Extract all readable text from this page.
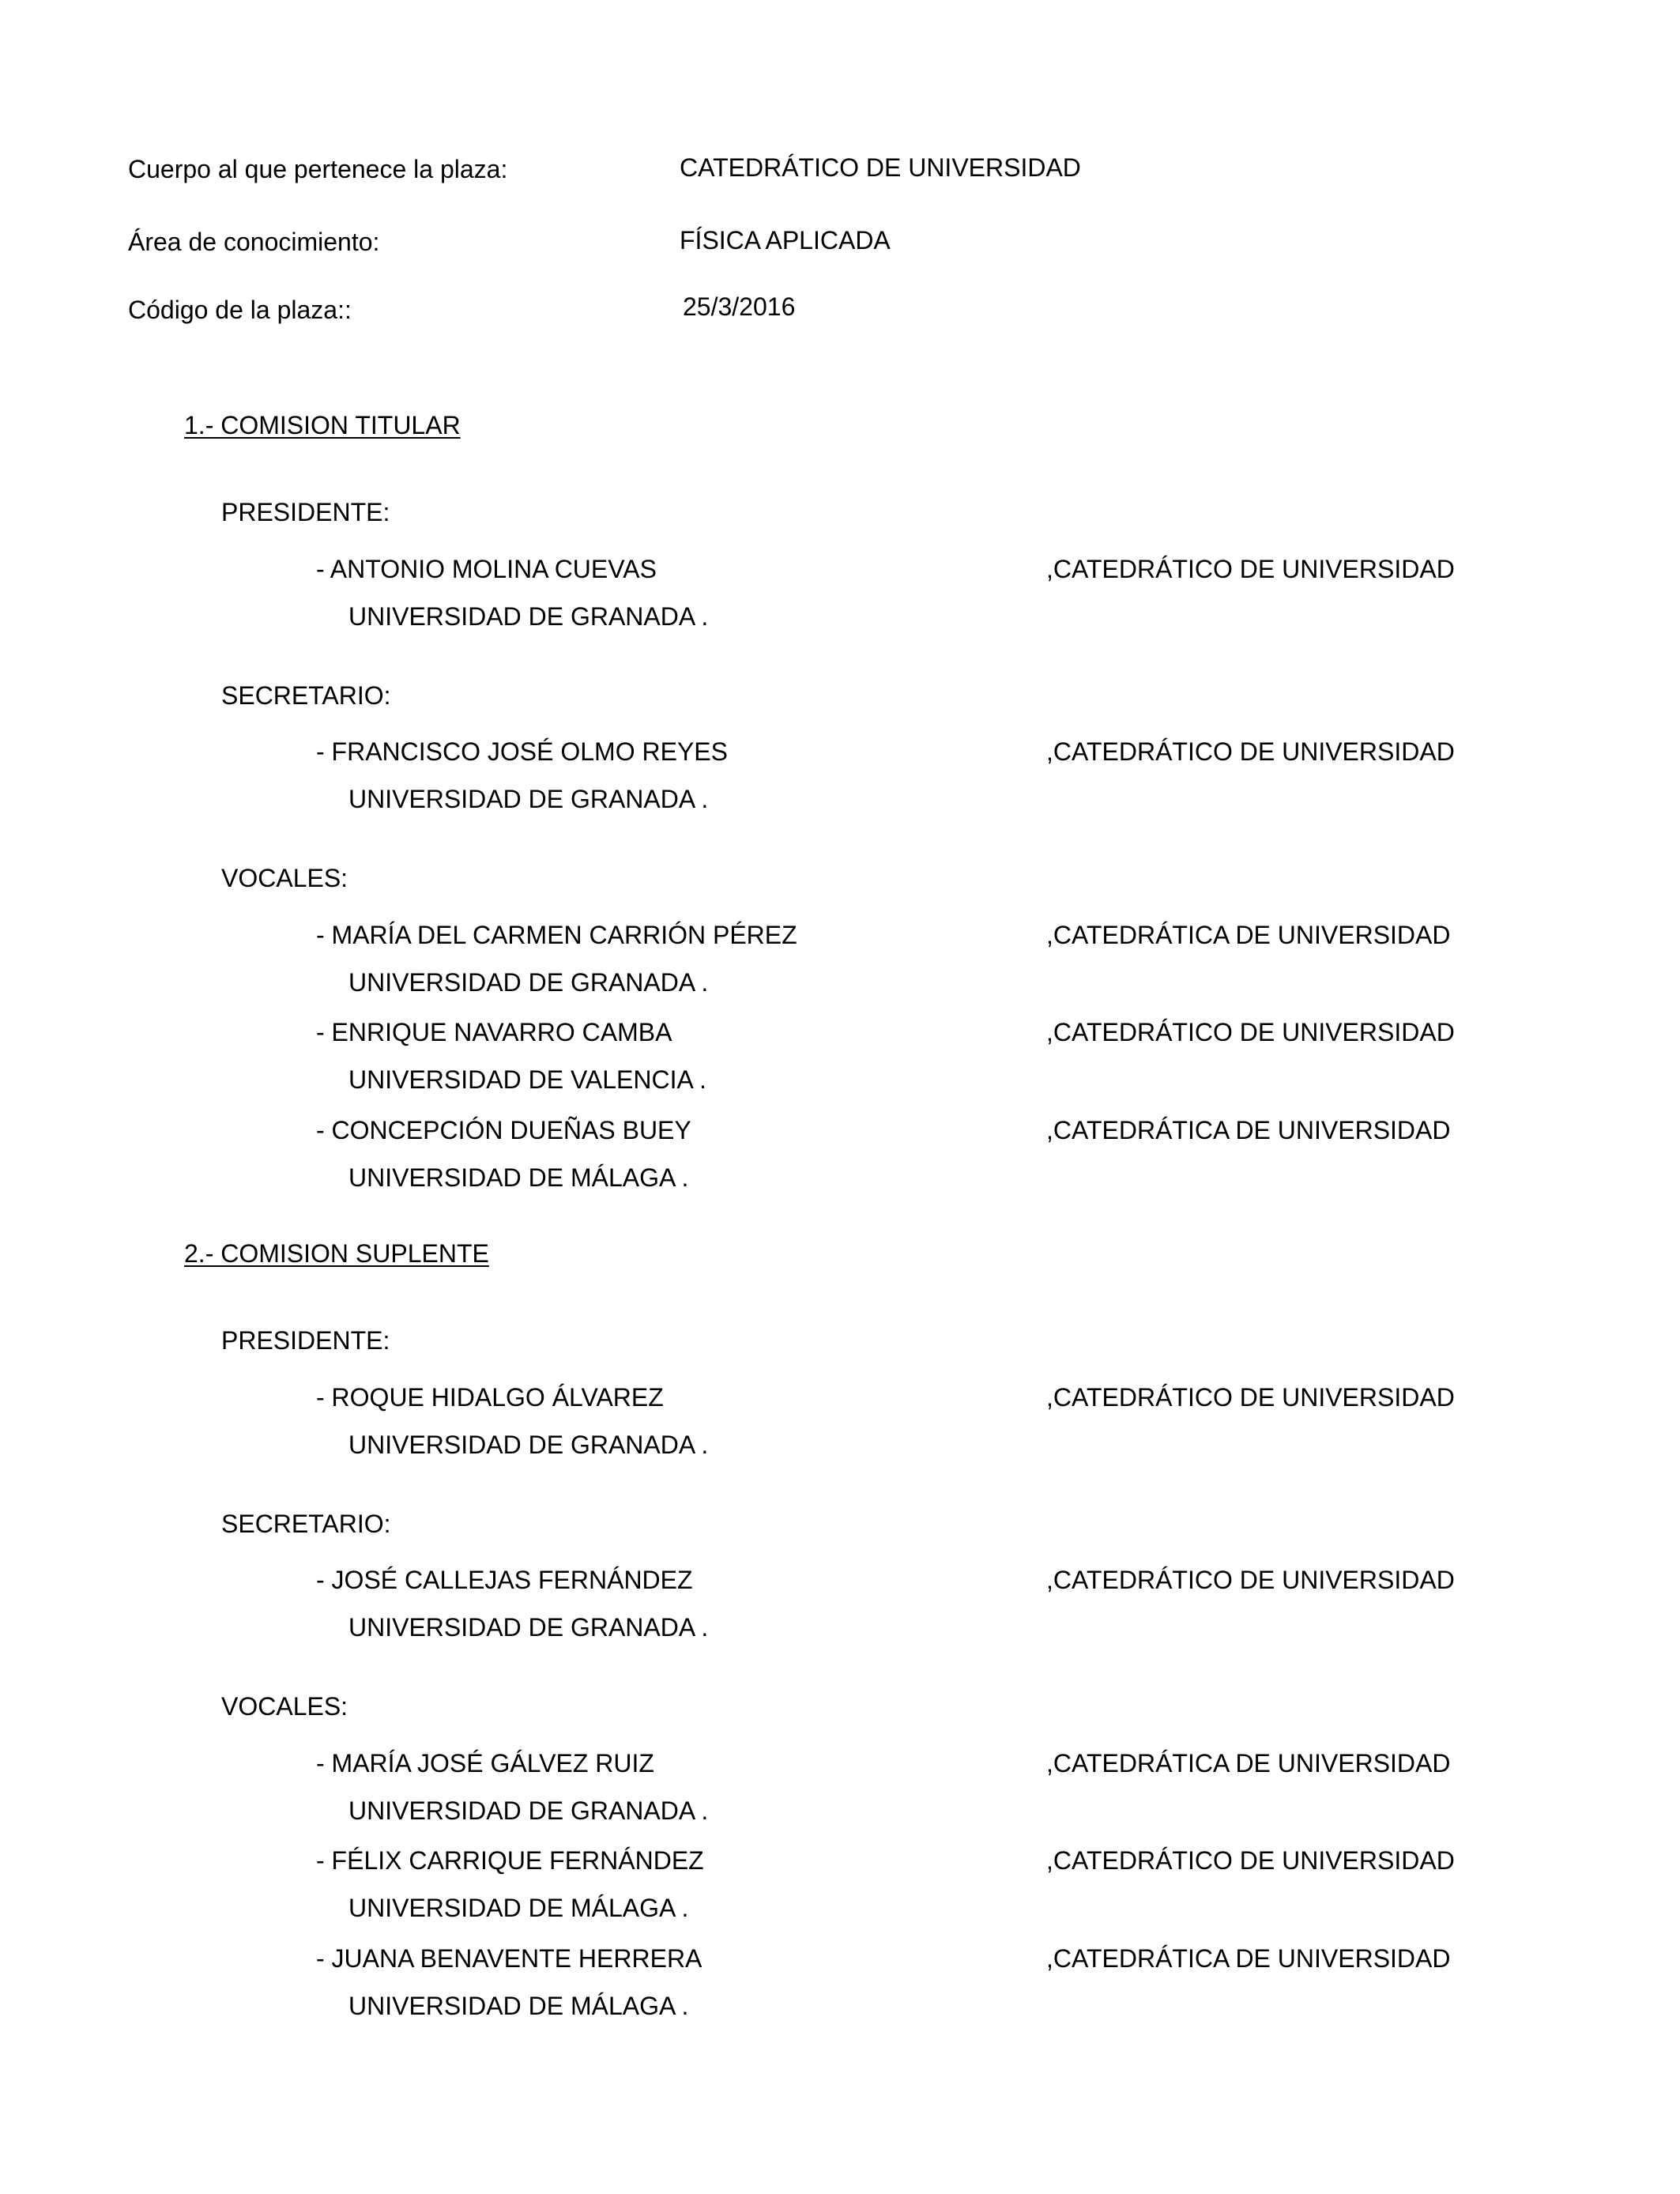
Cuerpo al que pertenece la plaza:	CATEDRÁTICO DE UNIVERSIDAD
Área de conocimiento:	FÍSICA APLICADA
Código de la plaza::	25/3/2016
1.- COMISION TITULAR
PRESIDENTE:
- ANTONIO MOLINA CUEVAS	,CATEDRÁTICO DE UNIVERSIDAD
UNIVERSIDAD DE GRANADA .
SECRETARIO:
- FRANCISCO JOSÉ OLMO REYES	,CATEDRÁTICO DE UNIVERSIDAD
UNIVERSIDAD DE GRANADA .
VOCALES:
- MARÍA DEL CARMEN CARRIÓN PÉREZ	,CATEDRÁTICA DE UNIVERSIDAD
UNIVERSIDAD DE GRANADA .
- ENRIQUE NAVARRO CAMBA	,CATEDRÁTICO DE UNIVERSIDAD
UNIVERSIDAD DE VALENCIA .
- CONCEPCIÓN DUEÑAS BUEY	,CATEDRÁTICA DE UNIVERSIDAD
UNIVERSIDAD DE MÁLAGA .
2.- COMISION SUPLENTE
PRESIDENTE:
- ROQUE HIDALGO ÁLVAREZ	,CATEDRÁTICO DE UNIVERSIDAD
UNIVERSIDAD DE GRANADA .
SECRETARIO:
- JOSÉ CALLEJAS FERNÁNDEZ	,CATEDRÁTICO DE UNIVERSIDAD
UNIVERSIDAD DE GRANADA .
VOCALES:
- MARÍA JOSÉ GÁLVEZ RUIZ	,CATEDRÁTICA DE UNIVERSIDAD
UNIVERSIDAD DE GRANADA .
- FÉLIX CARRIQUE FERNÁNDEZ	,CATEDRÁTICO DE UNIVERSIDAD
UNIVERSIDAD DE MÁLAGA .
- JUANA BENAVENTE HERRERA	,CATEDRÁTICA DE UNIVERSIDAD
UNIVERSIDAD DE MÁLAGA .
